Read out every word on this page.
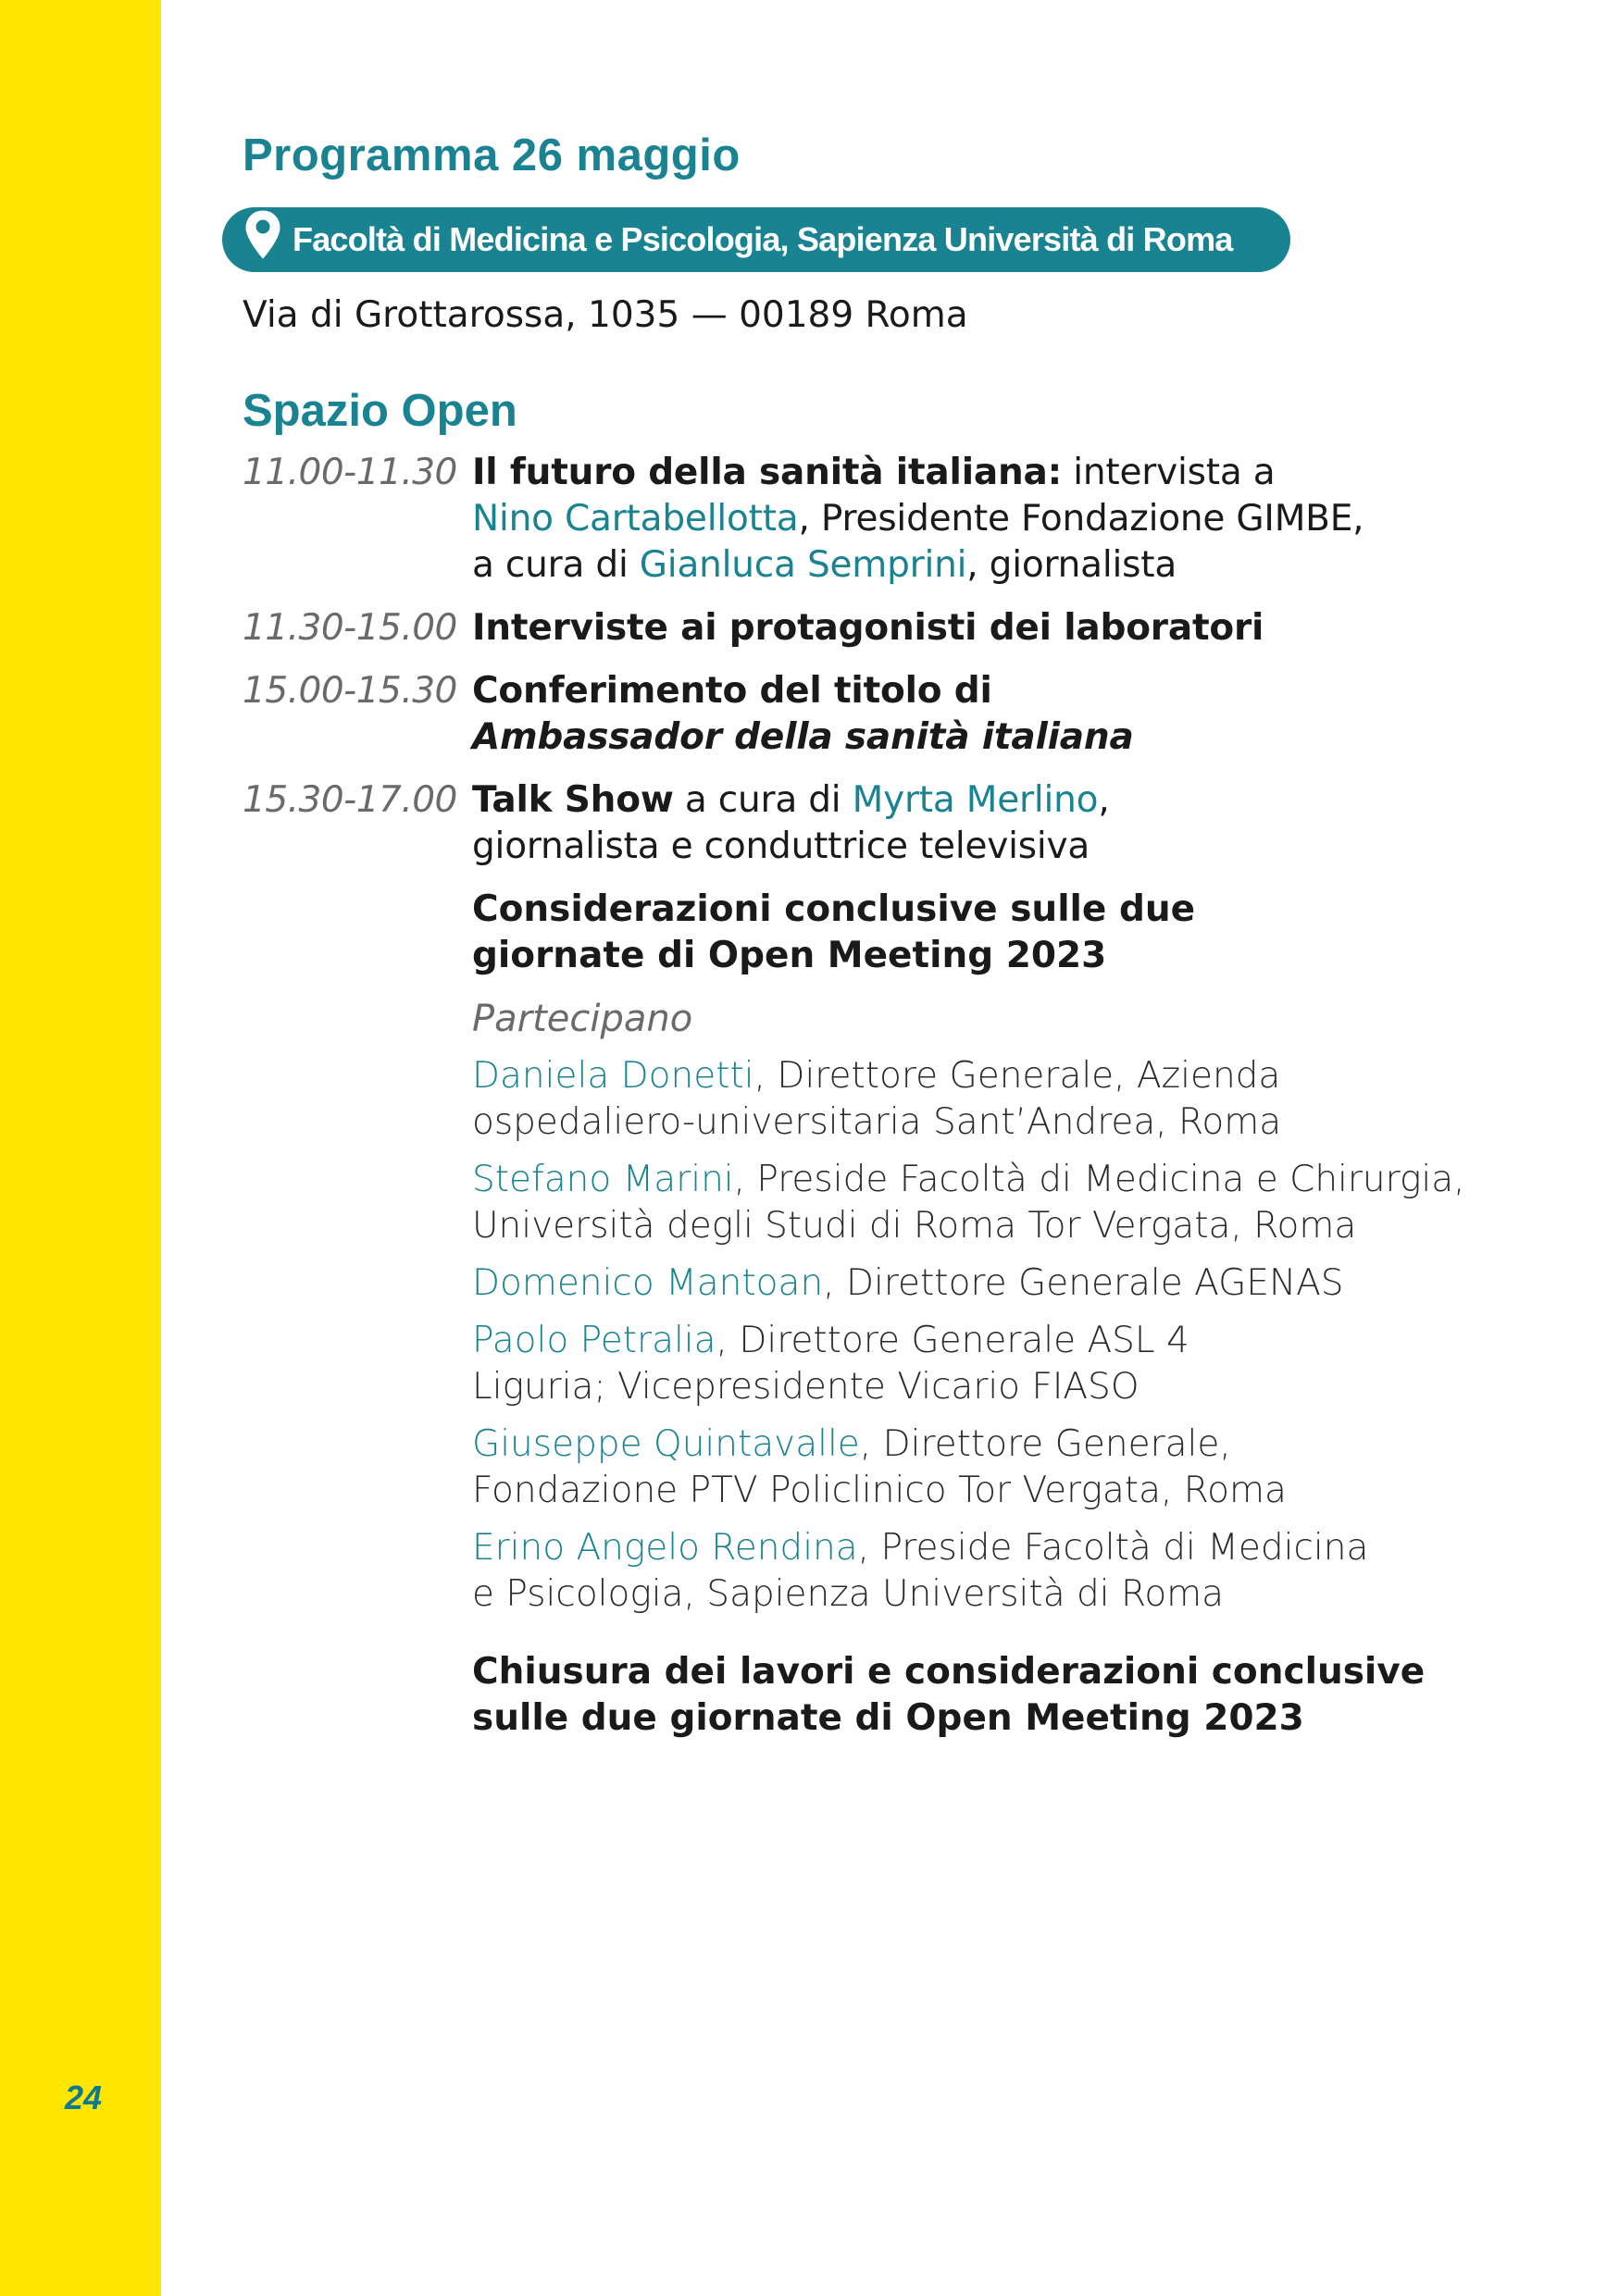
24
Programma 26 maggio
Facoltà di Medicina e Psicologia, Sapienza Università di Roma
Via di Grottarossa, 1035 — 00189 Roma
Spazio Open
11.00-11.30 Il futuro della sanità italiana: intervista a
Nino Cartabellotta, Presidente Fondazione GIMBE,
a cura di Gianluca Semprini, giornalista
11.30-15.00 Interviste ai protagonisti dei laboratori
15.00-15.30 Conferimento del titolo di
Ambassador della sanità italiana
15.30-17.00 Talk Show a cura di Myrta Merlino,
giornalista e conduttrice televisiva
Considerazioni conclusive sulle due
giornate di Open Meeting 2023
Partecipano
Daniela Donetti, Direttore Generale, Azienda
ospedaliero-universitaria Sant’Andrea, Roma
Stefano Marini, Preside Facoltà di Medicina e Chirurgia,
Università degli Studi di Roma Tor Vergata, Roma
Domenico Mantoan, Direttore Generale AGENAS
Paolo Petralia, Direttore Generale ASL 4
Liguria; Vicepresidente Vicario FIASO
Giuseppe Quintavalle, Direttore Generale,
Fondazione PTV Policlinico Tor Vergata, Roma
Erino Angelo Rendina, Preside Facoltà di Medicina
e Psicologia, Sapienza Università di Roma
Chiusura dei lavori e considerazioni conclusive
sulle due giornate di Open Meeting 2023
